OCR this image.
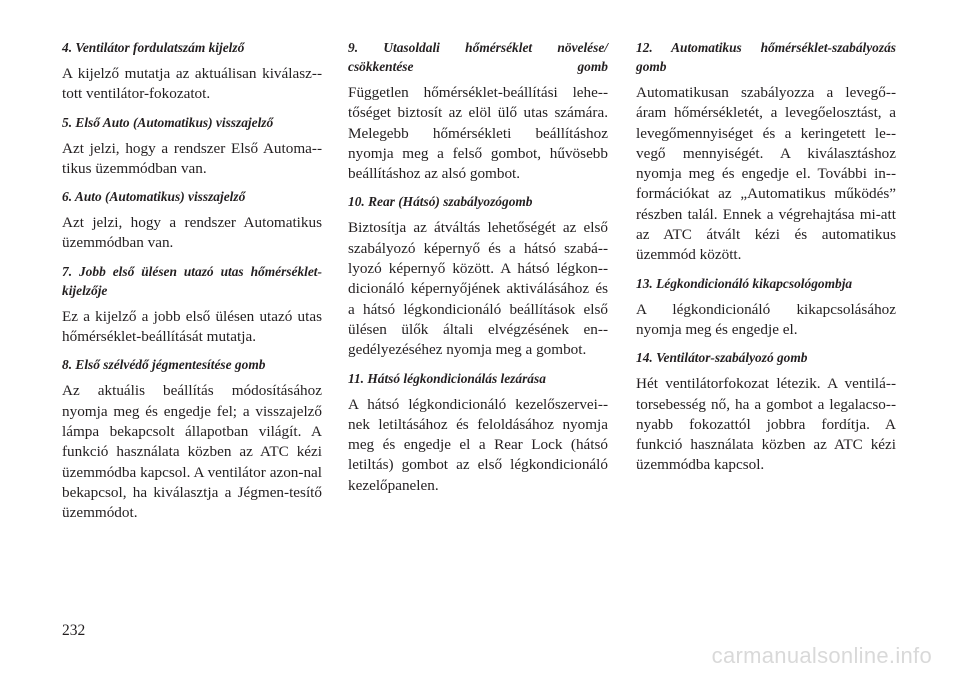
4. Ventilátor fordulatszám kijelző

A kijelző mutatja az aktuálisan kiválasz-tott ventilátor-fokozatot.

5. Első Auto (Automatikus) visszajelző

Azt jelzi, hogy a rendszer Első Automa-tikus üzemmódban van.

6. Auto (Automatikus) visszajelző

Azt jelzi, hogy a rendszer Automatikus üzemmódban van.

7. Jobb első ülésen utazó utas hőmérséklet-kijelzője

Ez a kijelző a jobb első ülésen utazó utas hőmérséklet-beállítását mutatja.

8. Első szélvédő jégmentesítése gomb

Az aktuális beállítás módosításához nyomja meg és engedje fel; a visszajelző lámpa bekapcsolt állapotban világít. A funkció használata közben az ATC kézi üzemmódba kapcsol. A ventilátor azon-nal bekapcsol, ha kiválasztja a Jégmen-tesítő üzemmódot.

9. Utasoldali hőmérséklet növelése/ csökkentése gomb

Független hőmérséklet-beállítási lehe-tőséget biztosít az elöl ülő utas számára. Melegebb hőmérsékleti beállításhoz nyomja meg a felső gombot, hűvösebb beállításhoz az alsó gombot.

10. Rear (Hátsó) szabályozógomb

Biztosítja az átváltás lehetőségét az első szabályozó képernyő és a hátsó szabá-lyozó képernyő között. A hátsó légkon-dicionáló képernyőjének aktiválásához és a hátsó légkondicionáló beállítások első ülésen ülők általi elvégzésének en-gedélyezéséhez nyomja meg a gombot.

11. Hátsó légkondicionálás lezárása

A hátsó légkondicionáló kezelőszervei-nek letiltásához és feloldásához nyomja meg és engedje el a Rear Lock (hátsó letiltás) gombot az első légkondicionáló kezelőpanelen.

12. Automatikus hőmérséklet-szabályozás gomb

Automatikusan szabályozza a levegő-áram hőmérsékletét, a levegőelosztást, a levegőmennyiséget és a keringetett le-vegő mennyiségét. A kiválasztáshoz nyomja meg és engedje el. További in-formációkat az „Automatikus működés” részben talál. Ennek a végrehajtása mi-att az ATC átvált kézi és automatikus üzemmód között.

13. Légkondicionáló kikapcsológombja

A légkondicionáló kikapcsolásához nyomja meg és engedje el.

14. Ventilátor-szabályozó gomb

Hét ventilátorfokozat létezik. A ventilá-torsebesség nő, ha a gombot a legalacso-nyabb fokozattól jobbra fordítja. A funkció használata közben az ATC kézi üzemmódba kapcsol.

232
carmanualsonline.info
